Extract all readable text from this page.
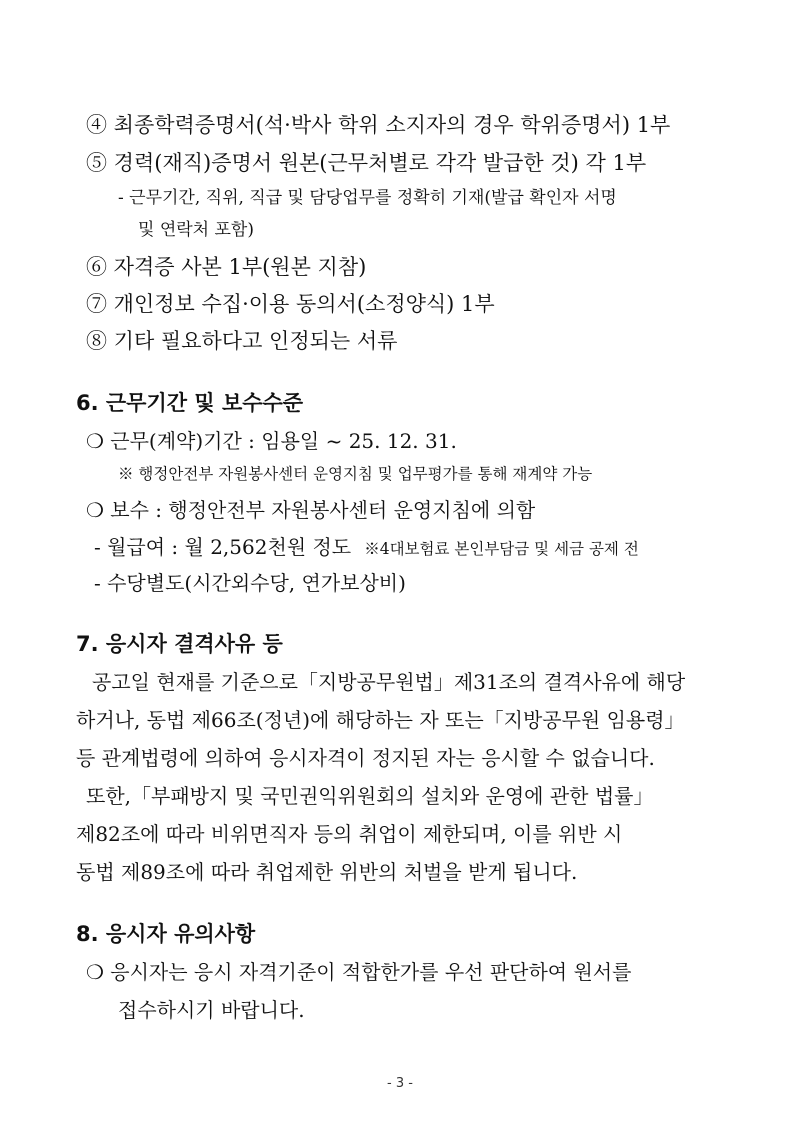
④ 최종학력증명서(석·박사 학위 소지자의 경우 학위증명서) 1부
⑤ 경력(재직)증명서 원본(근무처별로 각각 발급한 것) 각 1부
- 근무기간, 직위, 직급 및 담당업무를 정확히 기재(발급 확인자 서명
및 연락처 포함)
⑥ 자격증 사본 1부(원본 지참)
⑦ 개인정보 수집·이용 동의서(소정양식) 1부
⑧ 기타 필요하다고 인정되는 서류
6. 근무기간 및 보수수준
❍ 근무(계약)기간 : 임용일 ~ 25. 12. 31.
※ 행정안전부 자원봉사센터 운영지침 및 업무평가를 통해 재계약 가능
❍ 보수 : 행정안전부 자원봉사센터 운영지침에 의함
- 월급여 : 월 2,562천원 정도 ※4대보험료 본인부담금 및 세금 공제 전
- 수당별도(시간외수당, 연가보상비)
7. 응시자 결격사유 등
공고일 현재를 기준으로「지방공무원법」제31조의 결격사유에 해당
하거나, 동법 제66조(정년)에 해당하는 자 또는「지방공무원 임용령」
등 관계법령에 의하여 응시자격이 정지된 자는 응시할 수 없습니다.
또한,「부패방지 및 국민권익위원회의 설치와 운영에 관한 법률」
제82조에 따라 비위면직자 등의 취업이 제한되며, 이를 위반 시
동법 제89조에 따라 취업제한 위반의 처벌을 받게 됩니다.
8. 응시자 유의사항
❍ 응시자는 응시 자격기준이 적합한가를 우선 판단하여 원서를
접수하시기 바랍니다.
- 3 -
